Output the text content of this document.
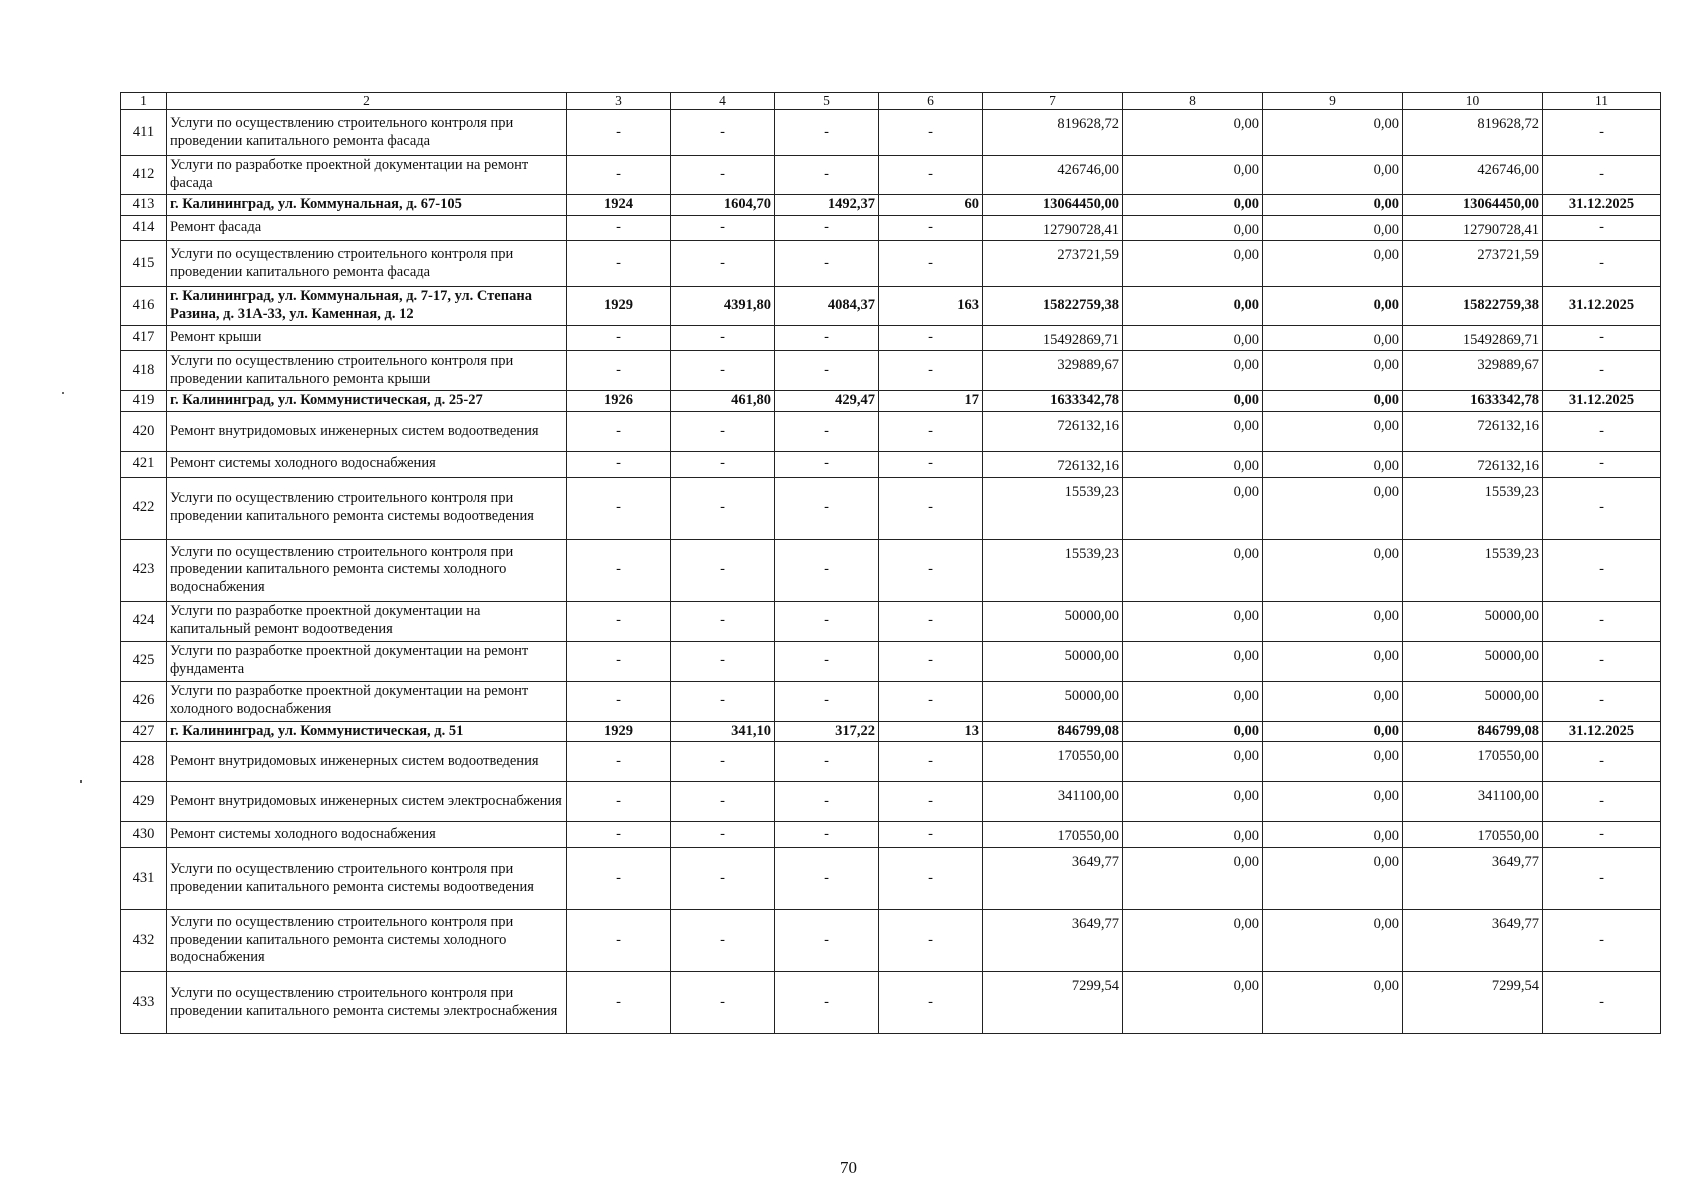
1	2	3	4	5	6	7	8	9	10	11
411	Услуги по осуществлению строительного контроля при проведении капитального ремонта фасада	-	-	-	-	819628,72	0,00	0,00	819628,72	-
412	Услуги по разработке проектной документации на ремонт фасада	-	-	-	-	426746,00	0,00	0,00	426746,00	-
413	г. Калининград, ул. Коммунальная, д. 67-105	1924	1604,70	1492,37	60	13064450,00	0,00	0,00	13064450,00	31.12.2025
414	Ремонт фасада	-	-	-	-	12790728,41	0,00	0,00	12790728,41	-
415	Услуги по осуществлению строительного контроля при проведении капитального ремонта фасада	-	-	-	-	273721,59	0,00	0,00	273721,59	-
416	г. Калининград, ул. Коммунальная, д. 7-17, ул. Степана Разина, д. 31А-33, ул. Каменная, д. 12	1929	4391,80	4084,37	163	15822759,38	0,00	0,00	15822759,38	31.12.2025
417	Ремонт крыши	-	-	-	-	15492869,71	0,00	0,00	15492869,71	-
418	Услуги по осуществлению строительного контроля при проведении капитального ремонта крыши	-	-	-	-	329889,67	0,00	0,00	329889,67	-
419	г. Калининград, ул. Коммунистическая, д. 25-27	1926	461,80	429,47	17	1633342,78	0,00	0,00	1633342,78	31.12.2025
420	Ремонт внутридомовых инженерных систем водоотведения	-	-	-	-	726132,16	0,00	0,00	726132,16	-
421	Ремонт системы холодного водоснабжения	-	-	-	-	726132,16	0,00	0,00	726132,16	-
422	Услуги по осуществлению строительного контроля при проведении капитального ремонта системы водоотведения	-	-	-	-	15539,23	0,00	0,00	15539,23	-
423	Услуги по осуществлению строительного контроля при проведении капитального ремонта системы холодного водоснабжения	-	-	-	-	15539,23	0,00	0,00	15539,23	-
424	Услуги по разработке проектной документации на капитальный ремонт водоотведения	-	-	-	-	50000,00	0,00	0,00	50000,00	-
425	Услуги по разработке проектной документации на ремонт фундамента	-	-	-	-	50000,00	0,00	0,00	50000,00	-
426	Услуги по разработке проектной документации на ремонт холодного водоснабжения	-	-	-	-	50000,00	0,00	0,00	50000,00	-
427	г. Калининград, ул. Коммунистическая, д. 51	1929	341,10	317,22	13	846799,08	0,00	0,00	846799,08	31.12.2025
428	Ремонт внутридомовых инженерных систем водоотведения	-	-	-	-	170550,00	0,00	0,00	170550,00	-
429	Ремонт внутридомовых инженерных систем электроснабжения	-	-	-	-	341100,00	0,00	0,00	341100,00	-
430	Ремонт системы холодного водоснабжения	-	-	-	-	170550,00	0,00	0,00	170550,00	-
431	Услуги по осуществлению строительного контроля при проведении капитального ремонта системы водоотведения	-	-	-	-	3649,77	0,00	0,00	3649,77	-
432	Услуги по осуществлению строительного контроля при проведении капитального ремонта системы холодного водоснабжения	-	-	-	-	3649,77	0,00	0,00	3649,77	-
433	Услуги по осуществлению строительного контроля при проведении капитального ремонта системы электроснабжения	-	-	-	-	7299,54	0,00	0,00	7299,54	-
70
